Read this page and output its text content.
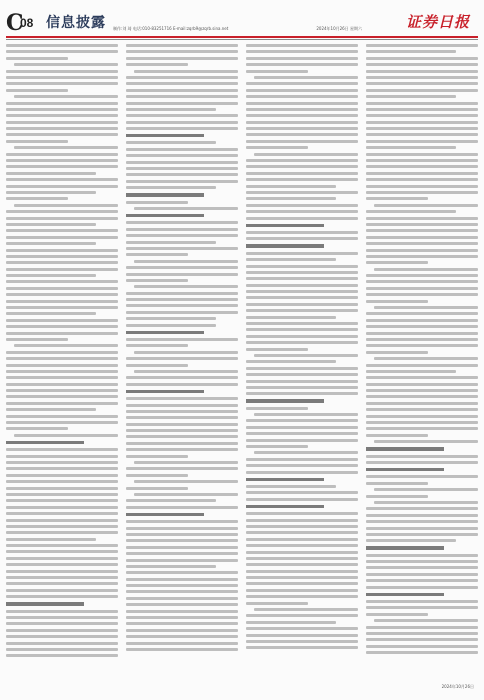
C
08 信息披露 制作:刘 琦 电话:010-83251716 E-mail:zqrb9@zqrb.sina.net	2024年10月26日 星期六	证券日报
2024年10月26日
